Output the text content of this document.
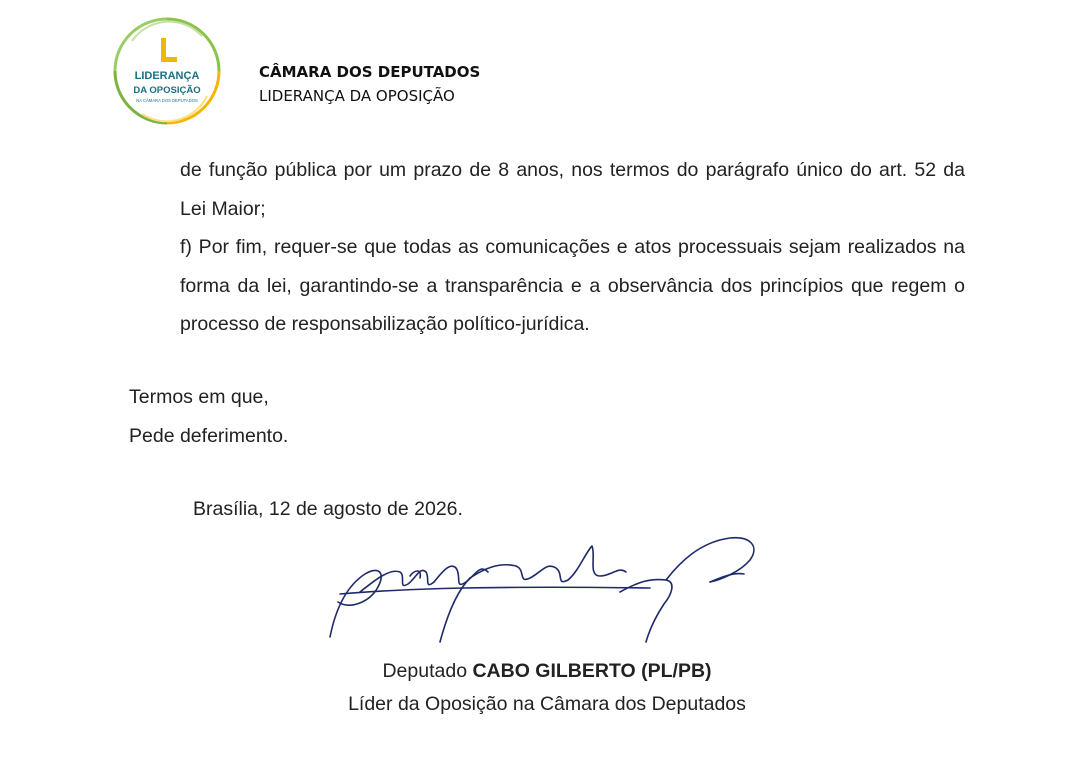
LIDERANÇA
DA OPOSIÇÃO
NA CÂMARA DOS DEPUTADOS
CÂMARA DOS DEPUTADOS
LIDERANÇA DA OPOSIÇÃO

de função pública por um prazo de 8 anos, nos termos do parágrafo único do art. 52 da Lei Maior;

f) Por fim, requer-se que todas as comunicações e atos processuais sejam realizados na forma da lei, garantindo-se a transparência e a observância dos princípios que regem o processo de responsabilização político-jurídica.

Termos em que,
Pede deferimento.
Brasília, 12 de agosto de 2026.
Deputado CABO GILBERTO (PL/PB)
Líder da Oposição na Câmara dos Deputados
